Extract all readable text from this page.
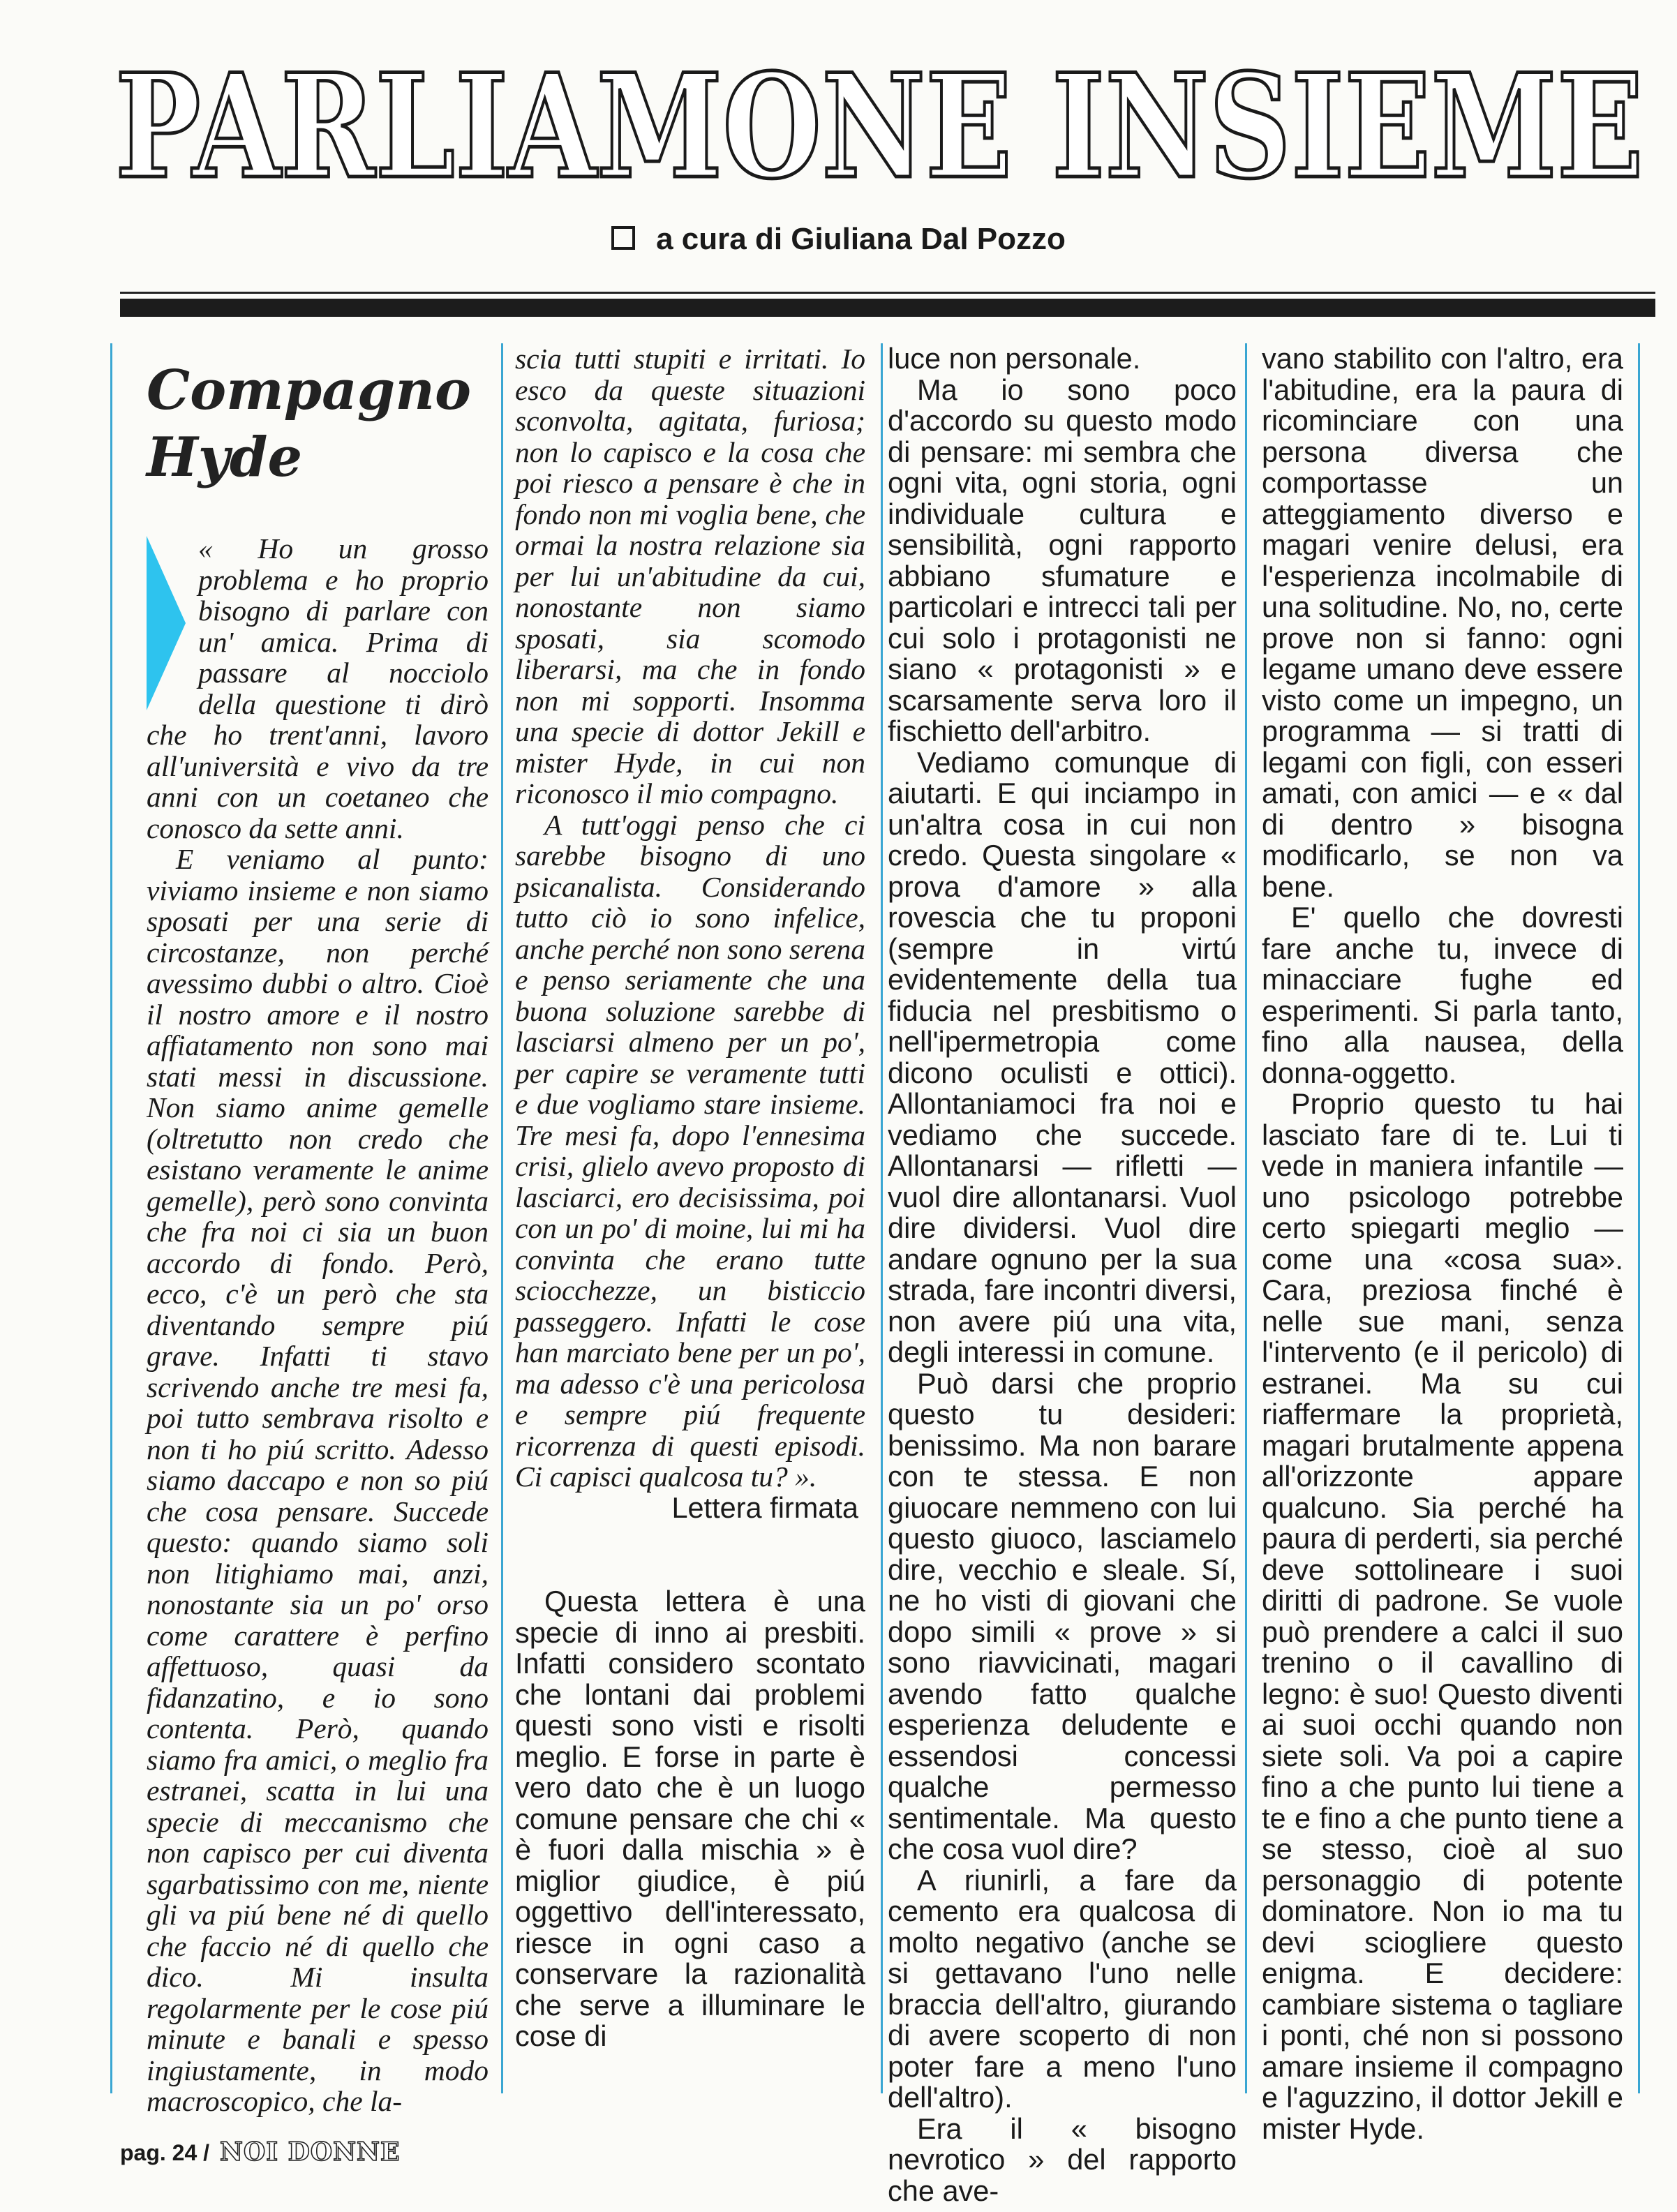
PARLIAMONE INSIEME
a cura di Giuliana Dal Pozzo
Compagno
Hyde

« Ho un grosso problema e ho proprio bisogno di parlare con un' amica. Prima di passare al nocciolo della questione ti dirò che ho trent'anni, lavoro all'università e vivo da tre anni con un coetaneo che conosco da sette anni.

E veniamo al punto: viviamo insieme e non siamo sposati per una serie di circostanze, non perché avessimo dubbi o altro. Cioè il nostro amore e il nostro affiatamento non sono mai stati messi in discussione. Non siamo anime gemelle (oltretutto non credo che esistano veramente le anime gemelle), però sono convinta che fra noi ci sia un buon accordo di fondo. Però, ecco, c'è un però che sta diventando sempre piú grave. Infatti ti stavo scrivendo anche tre mesi fa, poi tutto sembrava risolto e non ti ho piú scritto. Adesso siamo daccapo e non so piú che cosa pensare. Succede questo: quando siamo soli non litighiamo mai, anzi, nonostante sia un po' orso come carattere è perfino affettuoso, quasi da fidanzatino, e io sono contenta. Però, quando siamo fra amici, o meglio fra estranei, scatta in lui una specie di meccanismo che non capisco per cui diventa sgarbatissimo con me, niente gli va piú bene né di quello che faccio né di quello che dico. Mi insulta regolarmente per le cose piú minute e banali e spesso ingiustamente, in modo macroscopico, che la-

scia tutti stupiti e irritati. Io esco da queste situazioni sconvolta, agitata, furiosa; non lo capisco e la cosa che poi riesco a pensare è che in fondo non mi voglia bene, che ormai la nostra relazione sia per lui un'abitudine da cui, nonostante non siamo sposati, sia scomodo liberarsi, ma che in fondo non mi sopporti. Insomma una specie di dottor Jekill e mister Hyde, in cui non riconosco il mio compagno.

A tutt'oggi penso che ci sarebbe bisogno di uno psicanalista. Considerando tutto ciò io sono infelice, anche perché non sono serena e penso seriamente che una buona soluzione sarebbe di lasciarsi almeno per un po', per capire se veramente tutti e due vogliamo stare insieme. Tre mesi fa, dopo l'ennesima crisi, glielo avevo proposto di lasciarci, ero decisissima, poi con un po' di moine, lui mi ha convinta che erano tutte sciocchezze, un bisticcio passeggero. Infatti le cose han marciato bene per un po', ma adesso c'è una pericolosa e sempre piú frequente ricorrenza di questi episodi. Ci capisci qualcosa tu? ».

Lettera firmata

Questa lettera è una specie di inno ai presbiti. Infatti considero scontato che lontani dai problemi questi sono visti e risolti meglio. E forse in parte è vero dato che è un luogo comune pensare che chi « è fuori dalla mischia » è miglior giudice, è piú oggettivo dell'interessato, riesce in ogni caso a conservare la razionalità che serve a illuminare le cose di

luce non personale.

Ma io sono poco d'accordo su questo modo di pensare: mi sembra che ogni vita, ogni storia, ogni individuale cultura e sensibilità, ogni rapporto abbiano sfumature e particolari e intrecci tali per cui solo i protagonisti ne siano « protagonisti » e scarsamente serva loro il fischietto dell'arbitro.

Vediamo comunque di aiutarti. E qui inciampo in un'altra cosa in cui non credo. Questa singolare « prova d'amore » alla rovescia che tu proponi (sempre in virtú evidentemente della tua fiducia nel presbitismo o nell'ipermetropia come dicono oculisti e ottici). Allontaniamoci fra noi e vediamo che succede. Allontanarsi — rifletti — vuol dire allontanarsi. Vuol dire dividersi. Vuol dire andare ognuno per la sua strada, fare incontri diversi, non avere piú una vita, degli interessi in comune.

Può darsi che proprio questo tu desideri: benissimo. Ma non barare con te stessa. E non giuocare nemmeno con lui questo giuoco, lasciamelo dire, vecchio e sleale. Sí, ne ho visti di giovani che dopo simili « prove » si sono riavvicinati, magari avendo fatto qualche esperienza deludente e essendosi concessi qualche permesso sentimentale. Ma questo che cosa vuol dire?

A riunirli, a fare da cemento era qualcosa di molto negativo (anche se si gettavano l'uno nelle braccia dell'altro, giurando di avere scoperto di non poter fare a meno l'uno dell'altro).

Era il « bisogno nevrotico » del rapporto che ave-

vano stabilito con l'altro, era l'abitudine, era la paura di ricominciare con una persona diversa che comportasse un atteggiamento diverso e magari venire delusi, era l'esperienza incolmabile di una solitudine. No, no, certe prove non si fanno: ogni legame umano deve essere visto come un impegno, un programma — si tratti di legami con figli, con esseri amati, con amici — e « dal di dentro » bisogna modificarlo, se non va bene.

E' quello che dovresti fare anche tu, invece di minacciare fughe ed esperimenti. Si parla tanto, fino alla nausea, della donna-oggetto.

Proprio questo tu hai lasciato fare di te. Lui ti vede in maniera infantile — uno psicologo potrebbe certo spiegarti meglio — come una «cosa sua». Cara, preziosa finché è nelle sue mani, senza l'intervento (e il pericolo) di estranei. Ma su cui riaffermare la proprietà, magari brutalmente appena all'orizzonte appare qualcuno. Sia perché ha paura di perderti, sia perché deve sottolineare i suoi diritti di padrone. Se vuole può prendere a calci il suo trenino o il cavallino di legno: è suo! Questo diventi ai suoi occhi quando non siete soli. Va poi a capire fino a che punto lui tiene a te e fino a che punto tiene a se stesso, cioè al suo personaggio di potente dominatore. Non io ma tu devi sciogliere questo enigma. E decidere: cambiare sistema o tagliare i ponti, ché non si possono amare insieme il compagno e l'aguzzino, il dottor Jekill e mister Hyde.

pag. 24 / NOI DONNE
